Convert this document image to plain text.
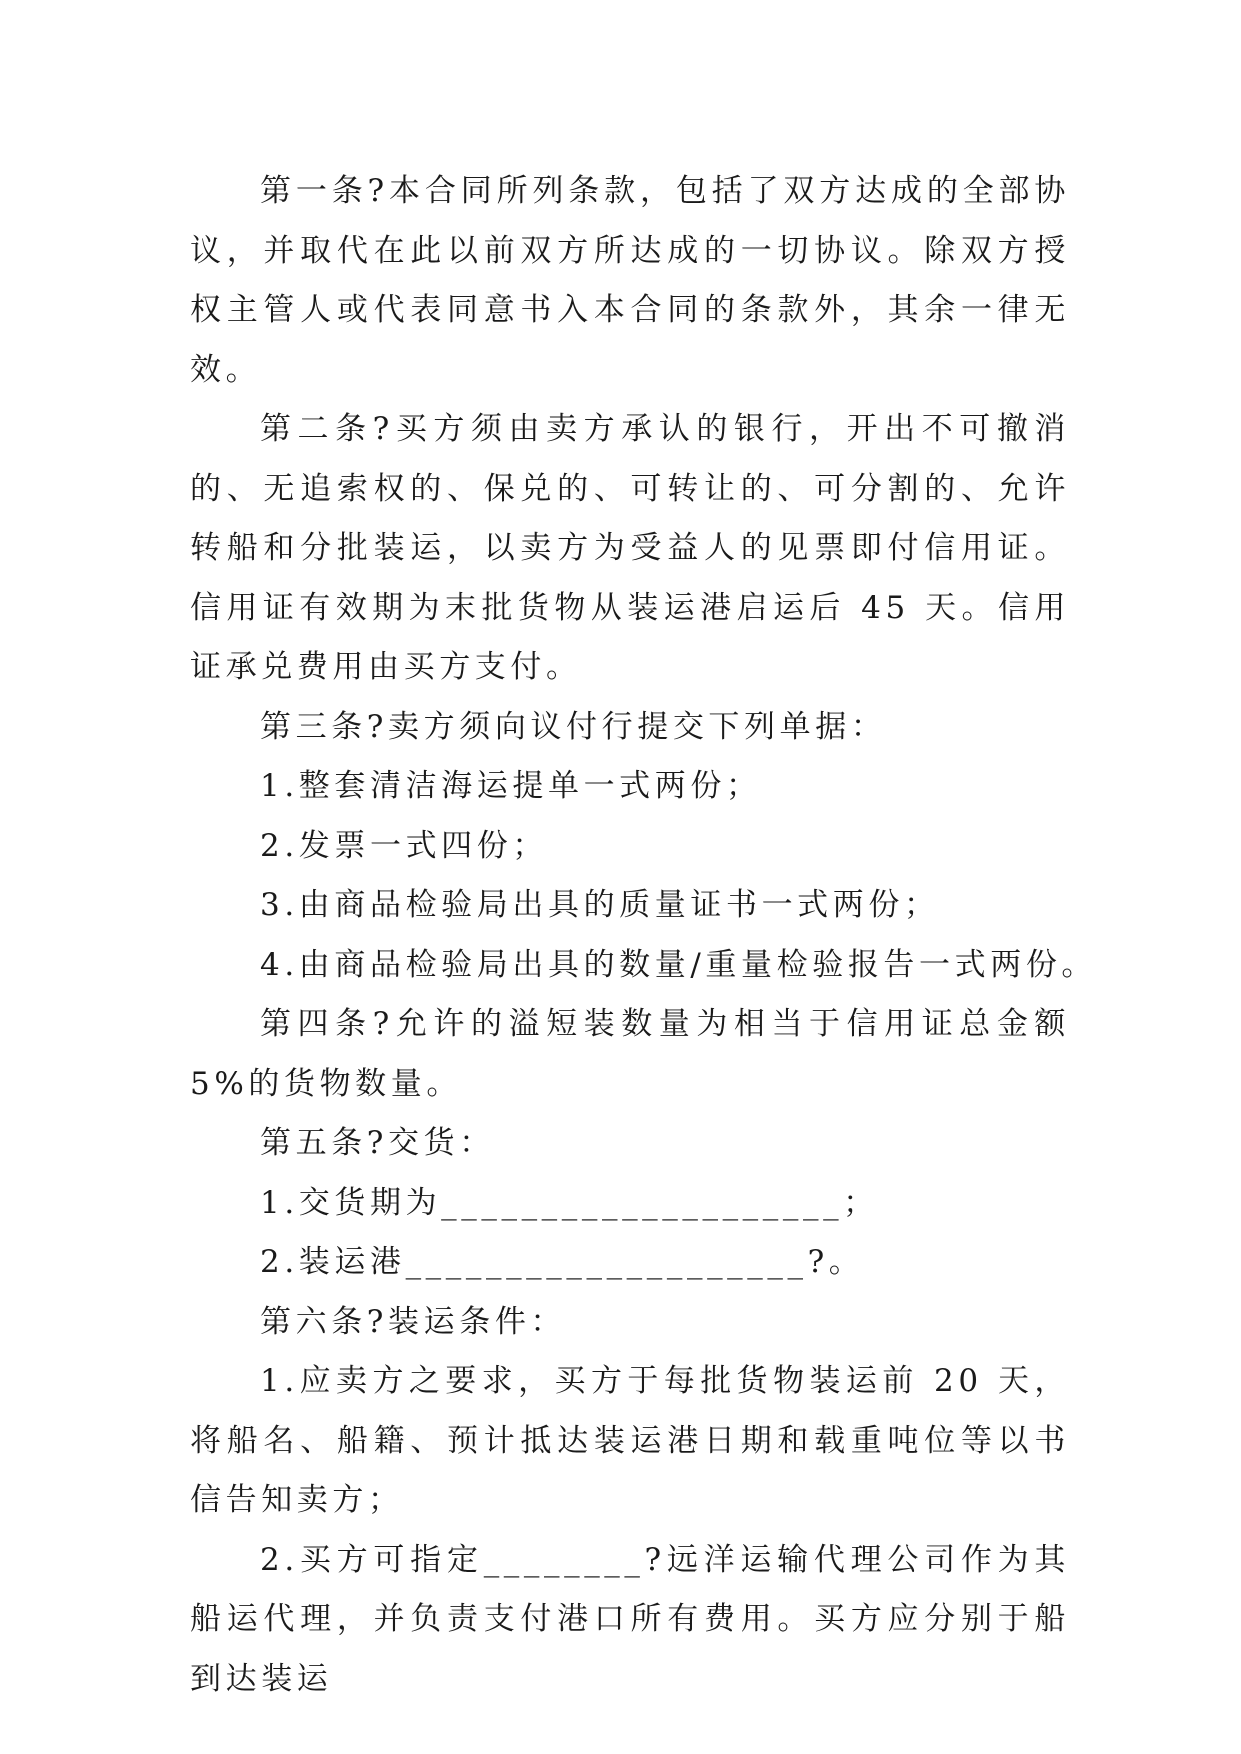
第一条?本合同所列条款，包括了双方达成的全部协议，并取代在此以前双方所达成的一切协议。除双方授权主管人或代表同意书入本合同的条款外，其余一律无效。

第二条?买方须由卖方承认的银行，开出不可撤消的、无追索权的、保兑的、可转让的、可分割的、允许转船和分批装运，以卖方为受益人的见票即付信用证。信用证有效期为末批货物从装运港启运后 45 天。信用证承兑费用由买方支付。

第三条?卖方须向议付行提交下列单据：

1.整套清洁海运提单一式两份；

2.发票一式四份；

3.由商品检验局出具的质量证书一式两份；

4.由商品检验局出具的数量/重量检验报告一式两份。

第四条?允许的溢短装数量为相当于信用证总金额 5%的货物数量。

第五条?交货：

1.交货期为____________________；

2.装运港____________________?。

第六条?装运条件：

1.应卖方之要求，买方于每批货物装运前 20 天，将船名、船籍、预计抵达装运港日期和载重吨位等以书信告知卖方；

2.买方可指定________?远洋运输代理公司作为其船运代理，并负责支付港口所有费用。买方应分别于船到达装运
